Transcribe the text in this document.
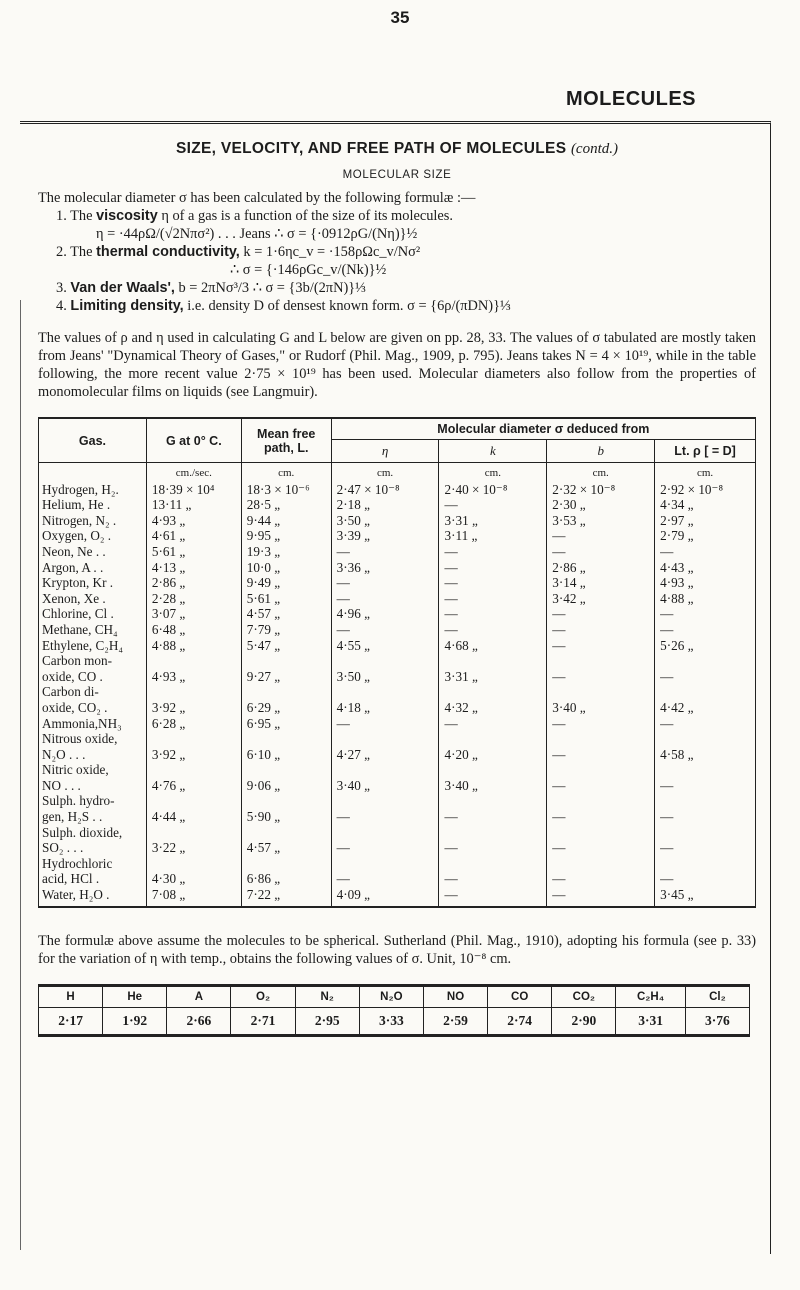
35
MOLECULES
SIZE, VELOCITY, AND FREE PATH OF MOLECULES (contd.)
MOLECULAR SIZE

The molecular diameter σ has been calculated by the following formulæ :—

1. The viscosity η of a gas is a function of the size of its molecules.

η = ·44ρΩ/(√2Nπσ²) . . . Jeans ∴ σ = {·0912ρG/(Nη)}½

2. The thermal conductivity, k = 1·6ηc_v = ·158ρΩc_v/Nσ²

∴ σ = {·146ρGc_v/(Nk)}½

3. Van der Waals', b = 2πNσ³/3 ∴ σ = {3b/(2πN)}⅓

4. Limiting density, i.e. density D of densest known form. σ = {6ρ/(πDN)}⅓

The values of ρ and η used in calculating G and L below are given on pp. 28, 33. The values of σ tabulated are mostly taken from Jeans' "Dynamical Theory of Gases," or Rudorf (Phil. Mag., 1909, p. 795). Jeans takes N = 4 × 10¹⁹, while in the table following, the more recent value 2·75 × 10¹⁹ has been used. Molecular diameters also follow from the properties of monomolecular films on liquids (see Langmuir).

Gas.	G at 0° C.	Mean free path, L.	Molecular diameter σ deduced from			
			η	k	b	Lt. ρ [ = D]
	cm./sec.	cm.	cm.	cm.	cm.	cm.
Hydrogen, H₂.	18·39 × 10⁴	18·3 × 10⁻⁶	2·47 × 10⁻⁸	2·40 × 10⁻⁸	2·32 × 10⁻⁸	2·92 × 10⁻⁸
Helium, He .	13·11 „	28·5 „	2·18 „	—	2·30 „	4·34 „
Nitrogen, N₂ .	4·93 „	9·44 „	3·50 „	3·31 „	3·53 „	2·97 „
Oxygen, O₂ .	4·61 „	9·95 „	3·39 „	3·11 „	—	2·79 „
Neon, Ne . .	5·61 „	19·3 „	—	—	—	—
Argon, A . .	4·13 „	10·0 „	3·36 „	—	2·86 „	4·43 „
Krypton, Kr .	2·86 „	9·49 „	—	—	3·14 „	4·93 „
Xenon, Xe .	2·28 „	5·61 „	—	—	3·42 „	4·88 „
Chlorine, Cl .	3·07 „	4·57 „	4·96 „	—	—	—
Methane, CH₄	6·48 „	7·79 „	—	—	—	—
Ethylene, C₂H₄	4·88 „	5·47 „	4·55 „	4·68 „	—	5·26 „

Carbon mon-
oxide, CO .	4·93 „	9·27 „	3·50 „	3·31 „	—	—

Carbon di-
oxide, CO₂ .	3·92 „	6·29 „	4·18 „	4·32 „	3·40 „	4·42 „
Ammonia,NH₃	6·28 „	6·95 „	—	—	—	—

Nitrous oxide,
N₂O . . .	3·92 „	6·10 „	4·27 „	4·20 „	—	4·58 „

Nitric oxide,
NO . . .	4·76 „	9·06 „	3·40 „	3·40 „	—	—

Sulph. hydro-
gen, H₂S . .	4·44 „	5·90 „	—	—	—	—

Sulph. dioxide,
SO₂ . . .	3·22 „	4·57 „	—	—	—	—

Hydrochloric
acid, HCl .	4·30 „	6·86 „	—	—	—	—
Water, H₂O .	7·08 „	7·22 „	4·09 „	—	—	3·45 „

The formulæ above assume the molecules to be spherical. Sutherland (Phil. Mag., 1910), adopting his formula (see p. 33) for the variation of η with temp., obtains the following values of σ. Unit, 10⁻⁸ cm.

H	He	A	O₂	N₂	N₂O	NO	CO	CO₂	C₂H₄	Cl₂
2·17	1·92	2·66	2·71	2·95	3·33	2·59	2·74	2·90	3·31	3·76
